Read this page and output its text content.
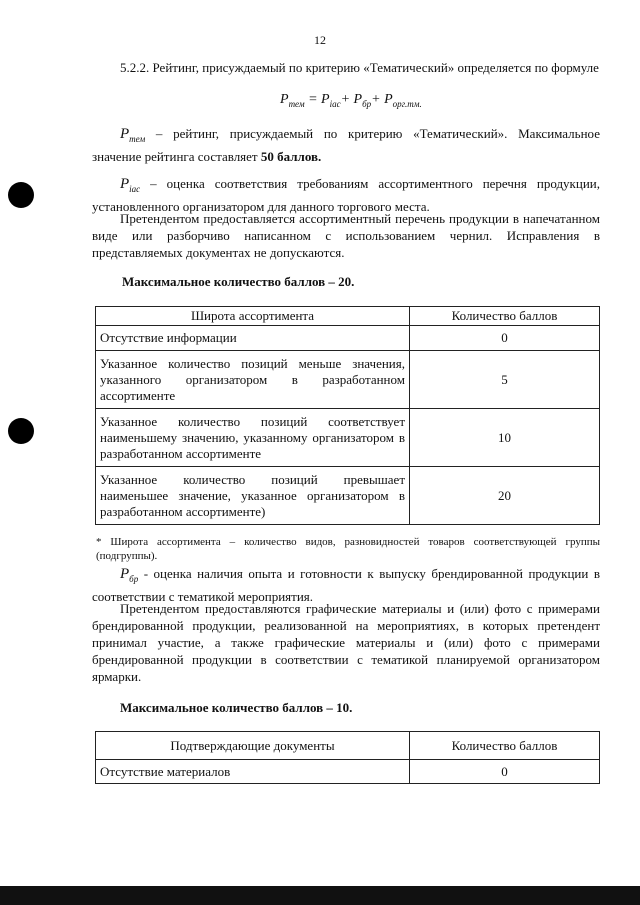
12
5.2.2. Рейтинг, присуждаемый по критерию «Тематический» определяется по формуле
$P_{тем} = P_{iac}+ P_{бр}+ P_{орг.тм.}$
$P_{тем}$ – рейтинг, присуждаемый по критерию «Тематический». Максимальное значение рейтинга составляет 50 баллов.
$P_{iac}$ – оценка соответствия требованиям ассортиментного перечня продукции, установленного организатором для данного торгового места.
Претендентом предоставляется ассортиментный перечень продукции в напечатанном виде или разборчиво написанном с использованием чернил. Исправления в представляемых документах не допускаются.
Максимальное количество баллов – 20.
Широта ассортимента	Количество баллов
Отсутствие информации	0
Указанное количество позиций меньше значения, указанного организатором в разработанном ассортименте	5
Указанное количество позиций соответствует наименьшему значению, указанному организатором в разработанном ассортименте	10
Указанное количество позиций превышает наименьшее значение, указанное организатором в разработанном ассортименте)	20
* Широта ассортимента – количество видов, разновидностей товаров соответствующей группы (подгруппы).
$P_{бр}$ - оценка наличия опыта и готовности к выпуску брендированной продукции в соответствии с тематикой мероприятия.
Претендентом предоставляются графические материалы и (или) фото с примерами брендированной продукции, реализованной на мероприятиях, в которых претендент принимал участие, а также графические материалы и (или) фото с примерами брендированной продукции в соответствии с тематикой планируемой организатором ярмарки.
Максимальное количество баллов – 10.
Подтверждающие документы	Количество баллов
Отсутствие материалов	0
